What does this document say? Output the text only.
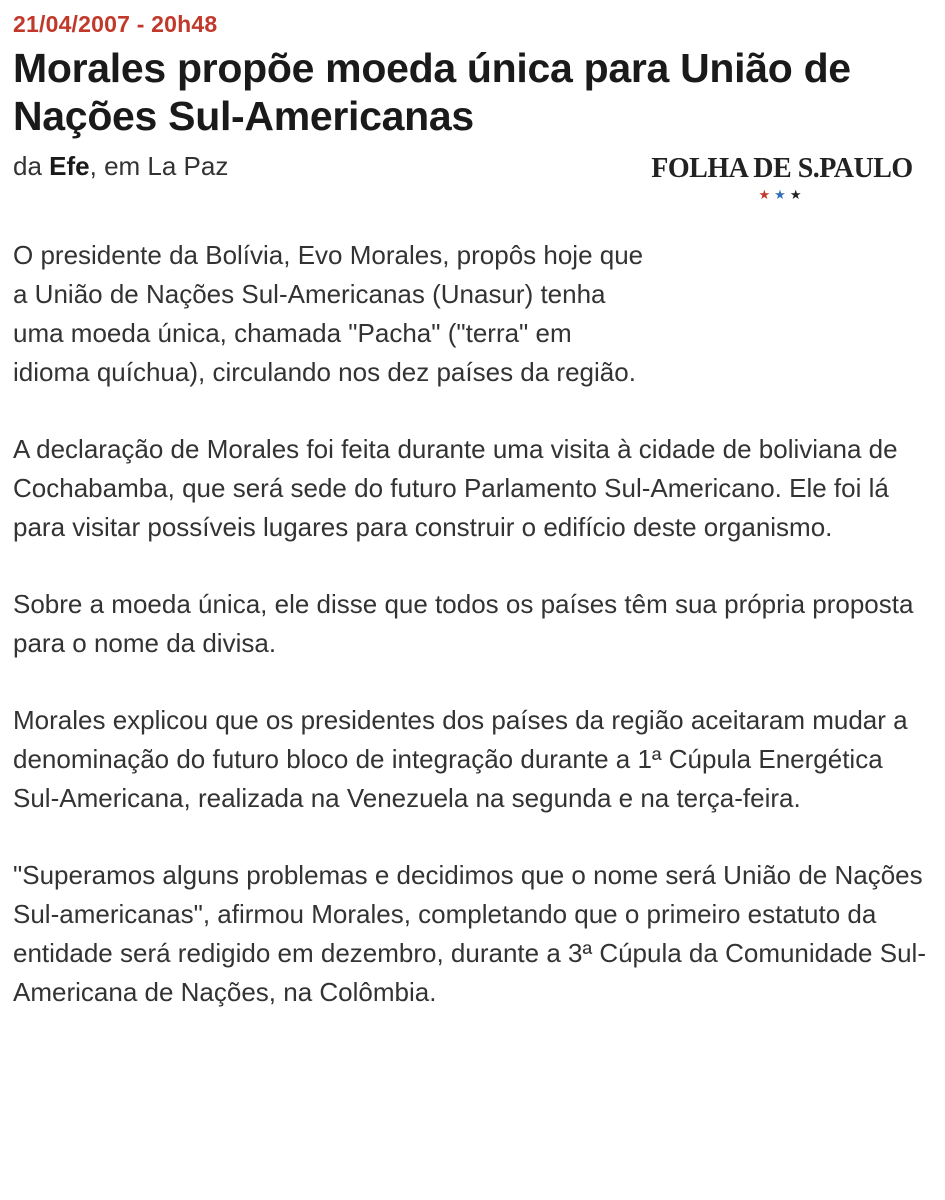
21/04/2007 - 20h48

Morales propõe moeda única para União de Nações Sul-Americanas
da Efe, em La Paz	FOLHA DE S.PAULO
★★★

O presidente da Bolívia, Evo Morales, propôs hoje que a União de Nações Sul-Americanas (Unasur) tenha uma moeda única, chamada "Pacha" ("terra" em idioma quíchua), circulando nos dez países da região.

A declaração de Morales foi feita durante uma visita à cidade de boliviana de Cochabamba, que será sede do futuro Parlamento Sul-Americano. Ele foi lá para visitar possíveis lugares para construir o edifício deste organismo.

Sobre a moeda única, ele disse que todos os países têm sua própria proposta para o nome da divisa.

Morales explicou que os presidentes dos países da região aceitaram mudar a denominação do futuro bloco de integração durante a 1ª Cúpula Energética Sul-Americana, realizada na Venezuela na segunda e na terça-feira.

"Superamos alguns problemas e decidimos que o nome será União de Nações Sul-americanas", afirmou Morales, completando que o primeiro estatuto da entidade será redigido em dezembro, durante a 3ª Cúpula da Comunidade Sul-Americana de Nações, na Colômbia.
